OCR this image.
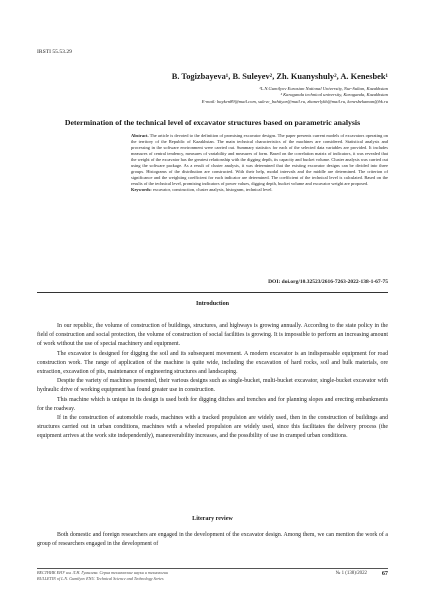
IRSTI 55.53.29
B. Togizbayeva¹, B. Suleyev², Zh. Kuanyshuly², A. Kenesbek¹
¹L.N.Gumilyov Eurasian National University, Nur-Sultan, Kazakhstan
² Karaganda technical university, Karaganda, Kazakhstan
E-mail: bayken89@mail.com, sulevc_bahtiyar@mail.ru, zhanerlykh@mail.ru, kenesbekaman@bk.ru
Determination of the technical level of excavator structures based on parametric analysis
Abstract. The article is devoted to the definition of promising excavator designs. The paper presents current models of excavators operating on the territory of the Republic of Kazakhstan. The main technical characteristics of the machines are considered. Statistical analysis and processing in the software environment were carried out. Summary statistics for each of the selected data variables are provided. It includes measures of central tendency, measures of variability and measures of form. Based on the correlation matrix of indicators, it was revealed that the weight of the excavator has the greatest relationship with the digging depth, its capacity and bucket volume. Cluster analysis was carried out using the software package. As a result of cluster analysis, it was determined that the existing excavator designs can be divided into three groups. Histograms of the distribution are constructed. With their help, modal intervals and the middle are determined. The criterion of significance and the weighting coefficient for each indicator are determined. The coefficient of the technical level is calculated. Based on the results of the technical level, promising indicators of power values, digging depth, bucket volume and excavator weight are proposed.
Keywords: excavator, construction, cluster analysis, histogram, technical level.
DOI: doi.org/10.32523/2616-7263-2022-138-1-67-75
Introduction

In our republic, the volume of construction of buildings, structures, and highways is growing annually. According to the state policy in the field of construction and social protection, the volume of construction of social facilities is growing. It is impossible to perform an increasing amount of work without the use of special machinery and equipment.

The excavator is designed for digging the soil and its subsequent movement. A modern excavator is an indispensable equipment for road construction work. The range of application of the machine is quite wide, including the excavation of hard rocks, soil and bulk materials, ore extraction, excavation of pits, maintenance of engineering structures and landscaping.

Despite the variety of machines presented, their various designs such as single-bucket, multi-bucket excavator, single-bucket excavator with hydraulic drive of working equipment has found greater use in construction.

This machine which is unique in its design is used both for digging ditches and trenches and for planning slopes and erecting embankments for the roadway.

If in the construction of automobile roads, machines with a tracked propulsion are widely used, then in the construction of buildings and structures carried out in urban conditions, machines with a wheeled propulsion are widely used, since this facilitates the delivery process (the equipment arrives at the work site independently), maneuverability increases, and the possibility of use in cramped urban conditions.

Literary review

Both domestic and foreign researchers are engaged in the development of the excavator design. Among them, we can mention the work of a group of researchers engaged in the development of

ВЕСТНИК ЕНУ им. Л.Н. Гумилева. Серия технические науки и технологии
BULLETIN of L.N. Gumilyov ENU. Technical Science and Technology Series
№ 1 (138)/2022	67
